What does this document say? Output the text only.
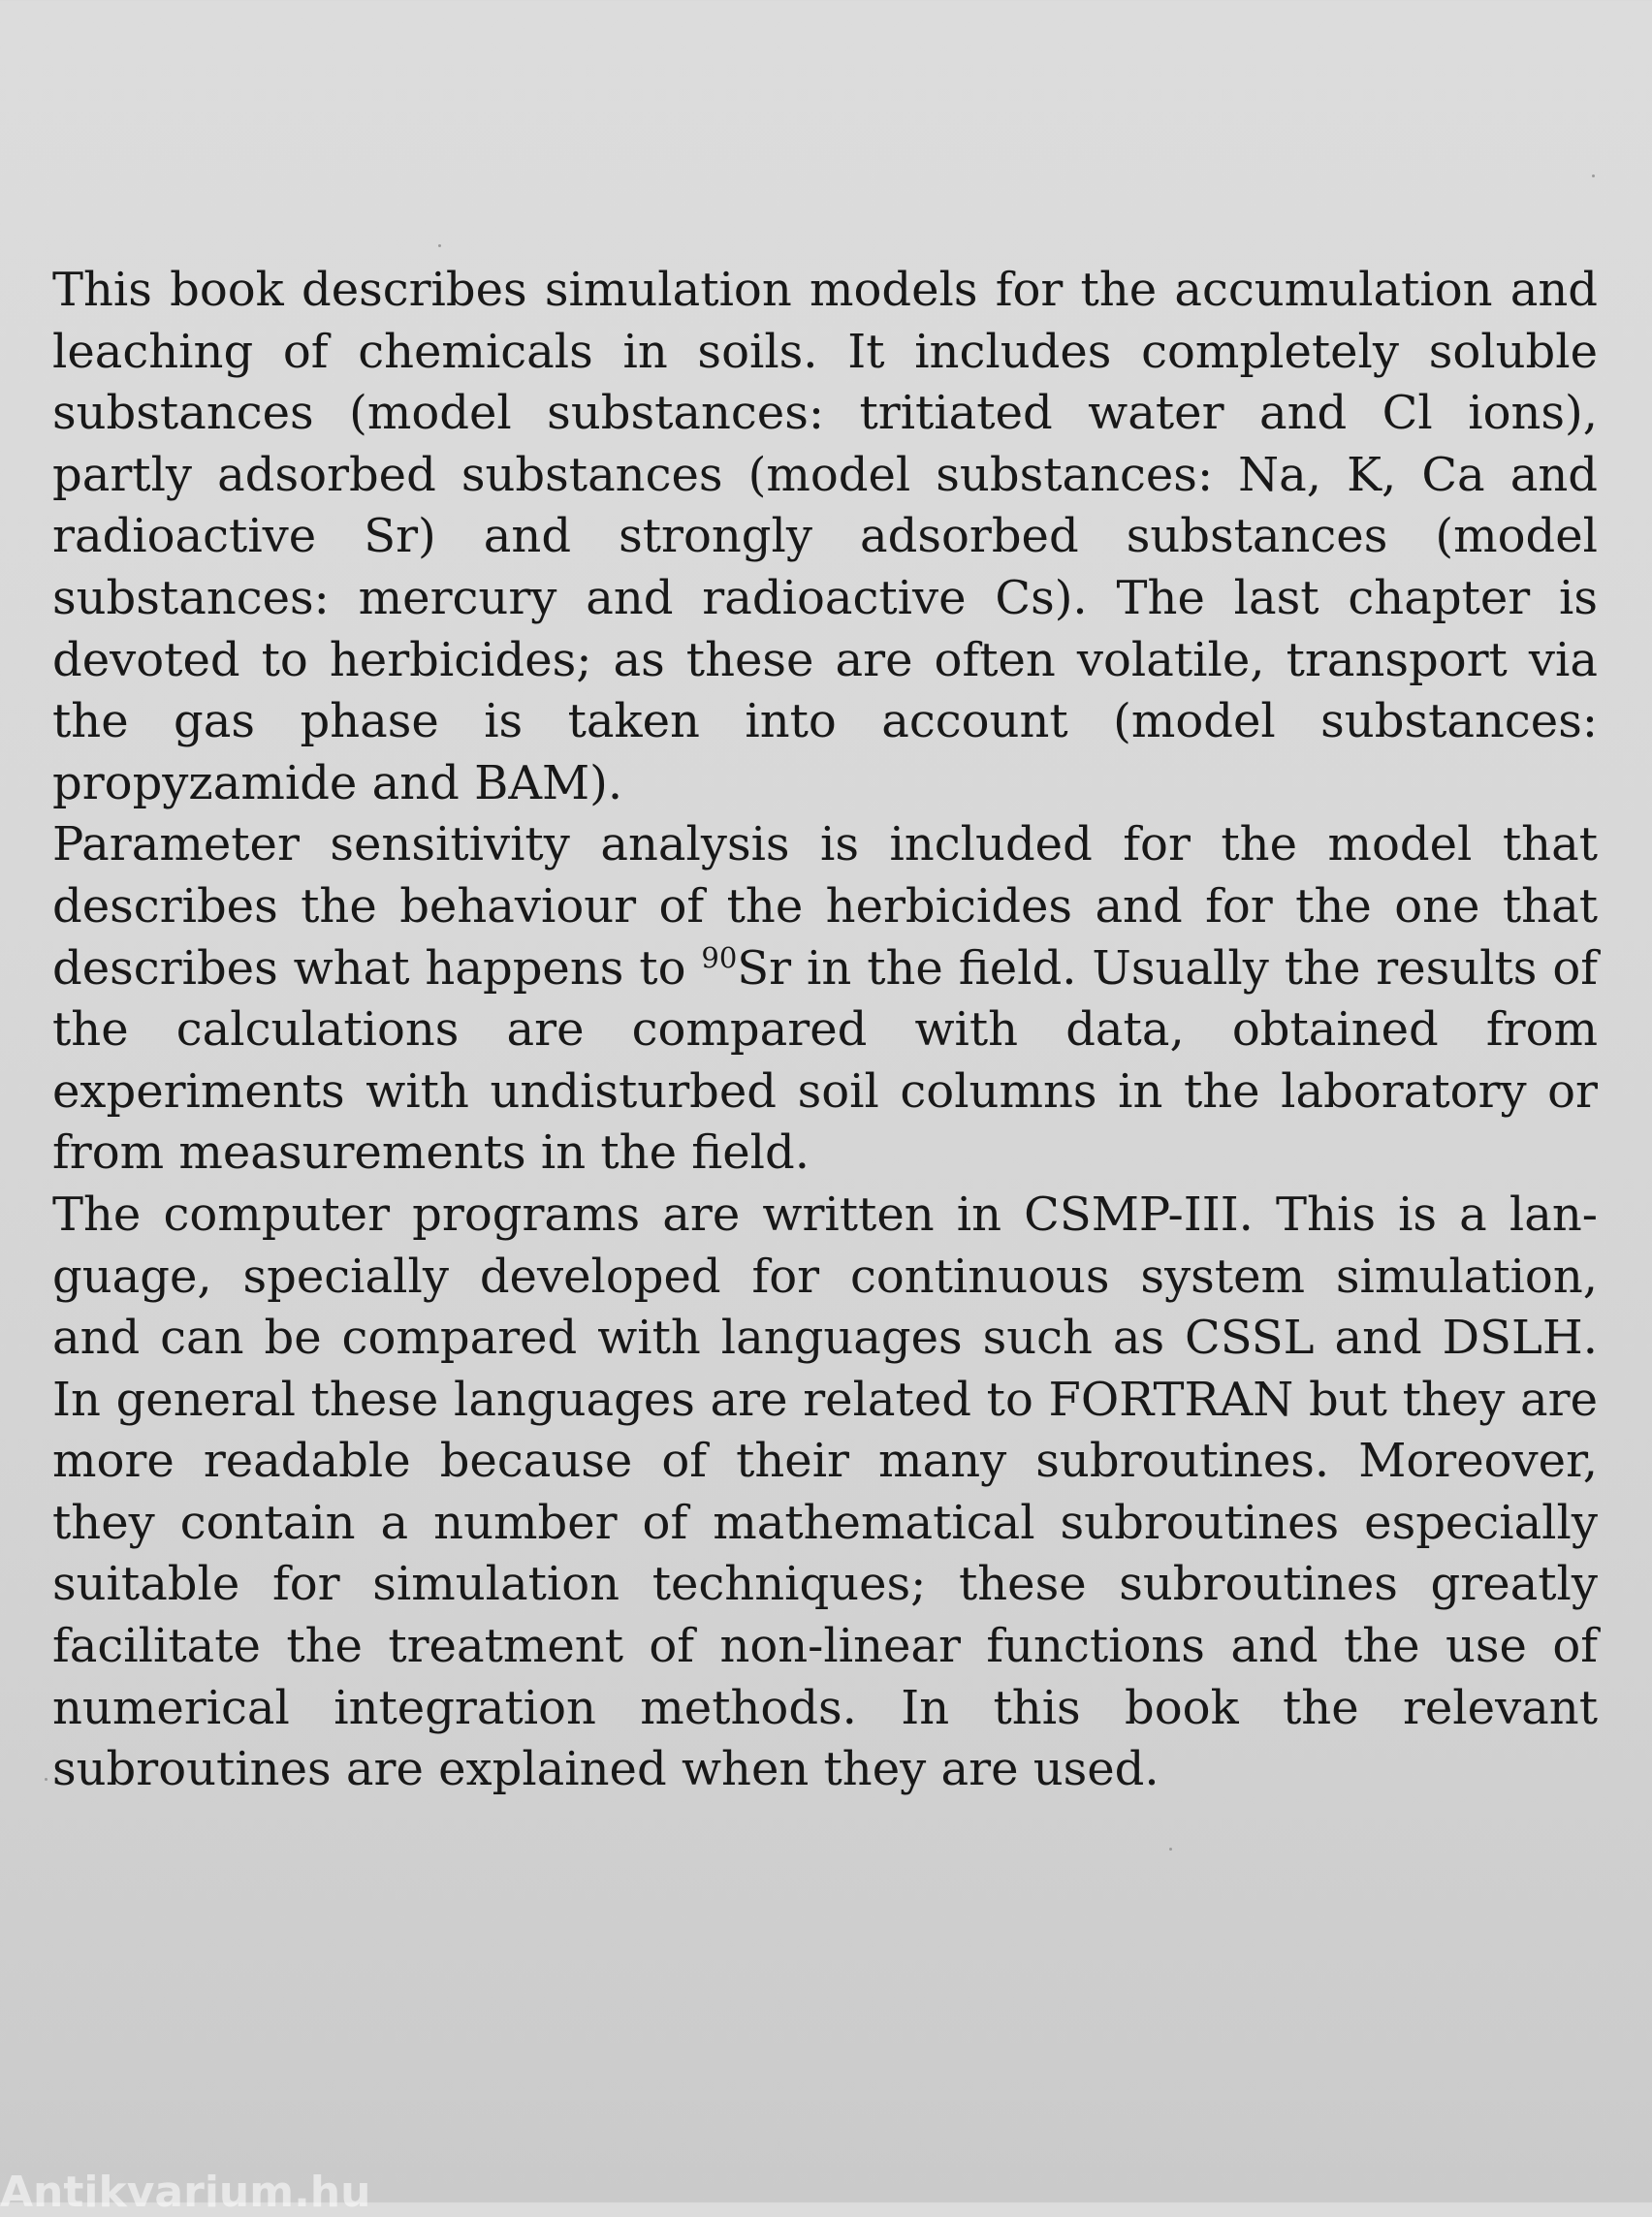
This book describes simulation models for the accumulation and leaching of chemicals in soils. It includes completely soluble substances (model substances: tritiated water and Cl ions), partly adsorbed substances (model substances: Na, K, Ca and radioactive Sr) and strongly adsorbed substances (model substances: mercury and radioactive Cs). The last chapter is devoted to herbicides; as these are often volatile, transport via the gas phase is taken into account (model substances: propyzamide and BAM).

Parameter sensitivity analysis is included for the model that describes the behaviour of the herbicides and for the one that describes what happens to $^{90}$Sr in the field. Usually the results of the calculations are compared with data, obtained from experiments with undisturbed soil columns in the laboratory or from measurements in the field.

The computer programs are written in CSMP-III. This is a language, specially developed for continuous system simulation, and can be compared with languages such as CSSL and DSLH. In general these languages are related to FORTRAN but they are more readable because of their many subroutines. Moreover, they contain a number of mathematical subroutines especially suitable for simulation techniques; these subroutines greatly facilitate the treatment of non-linear functions and the use of numerical integration methods. In this book the relevant subroutines are explained when they are used.

Antikvarium.hu
